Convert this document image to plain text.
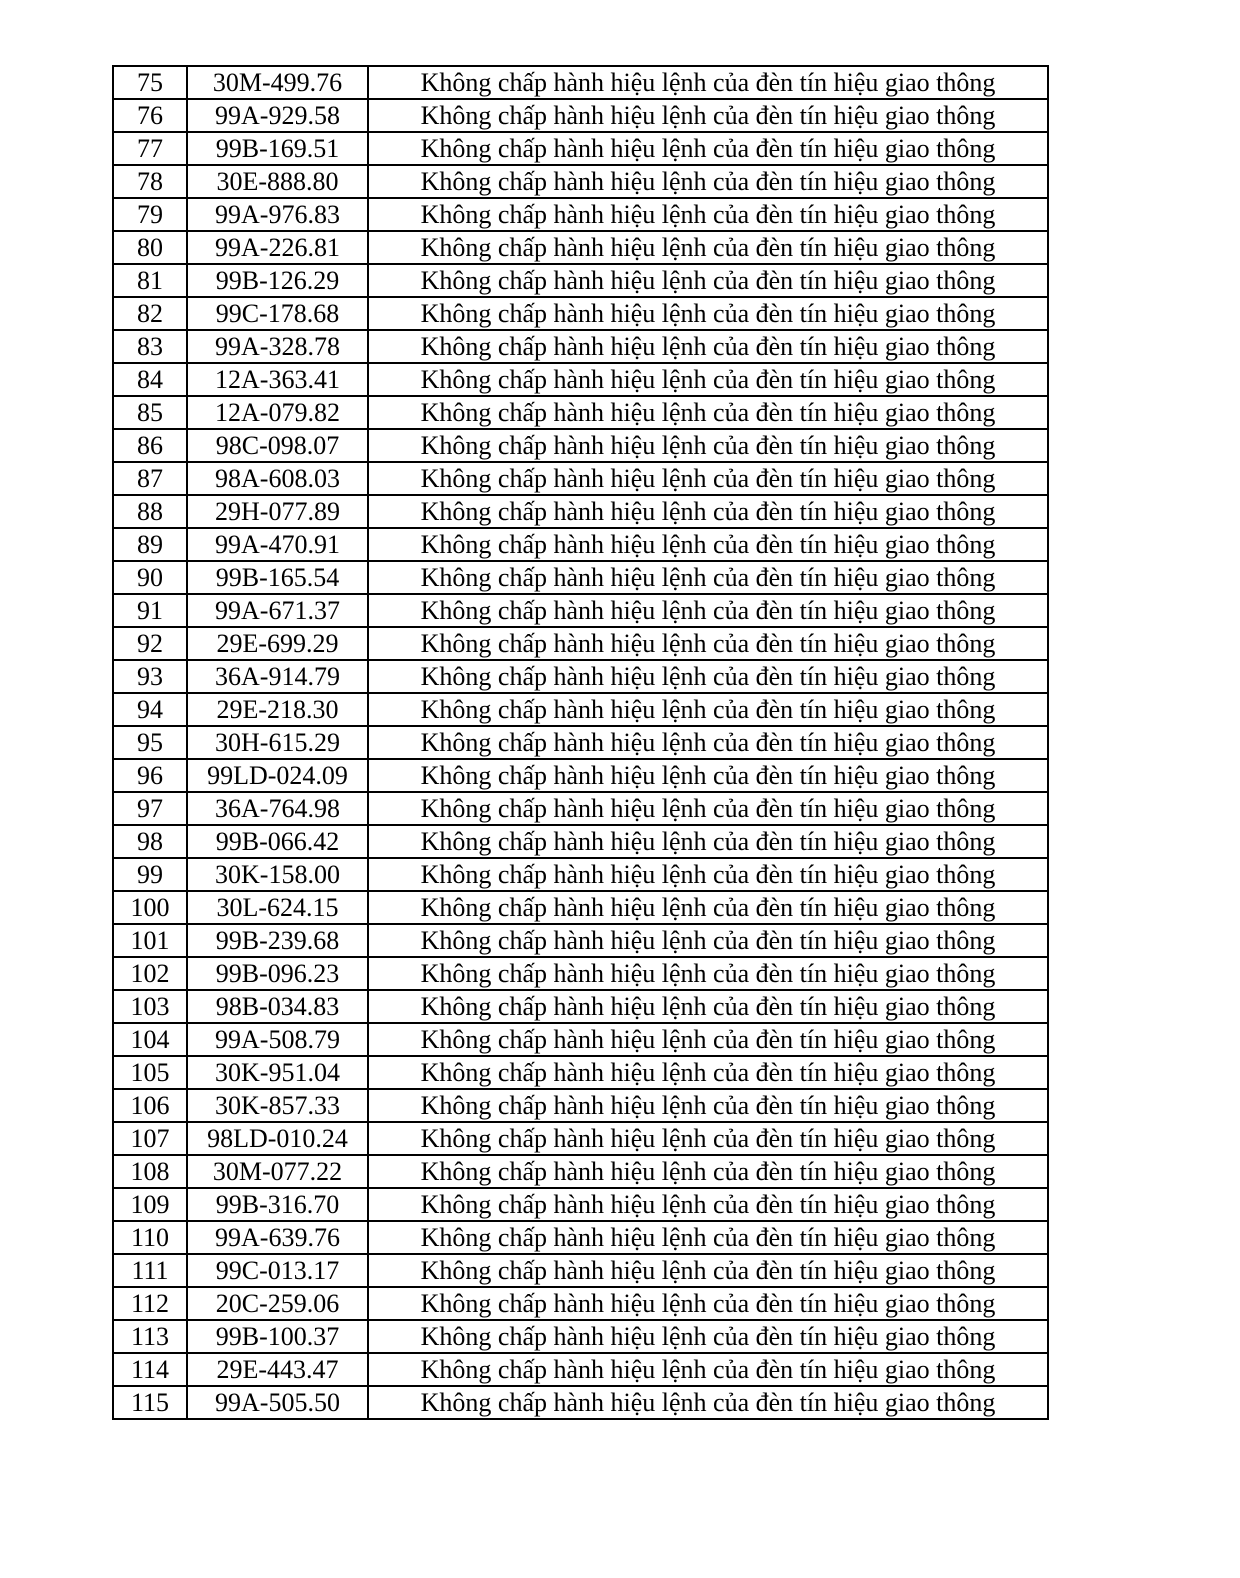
75	30M-499.76	Không chấp hành hiệu lệnh của đèn tín hiệu giao thông
76	99A-929.58	Không chấp hành hiệu lệnh của đèn tín hiệu giao thông
77	99B-169.51	Không chấp hành hiệu lệnh của đèn tín hiệu giao thông
78	30E-888.80	Không chấp hành hiệu lệnh của đèn tín hiệu giao thông
79	99A-976.83	Không chấp hành hiệu lệnh của đèn tín hiệu giao thông
80	99A-226.81	Không chấp hành hiệu lệnh của đèn tín hiệu giao thông
81	99B-126.29	Không chấp hành hiệu lệnh của đèn tín hiệu giao thông
82	99C-178.68	Không chấp hành hiệu lệnh của đèn tín hiệu giao thông
83	99A-328.78	Không chấp hành hiệu lệnh của đèn tín hiệu giao thông
84	12A-363.41	Không chấp hành hiệu lệnh của đèn tín hiệu giao thông
85	12A-079.82	Không chấp hành hiệu lệnh của đèn tín hiệu giao thông
86	98C-098.07	Không chấp hành hiệu lệnh của đèn tín hiệu giao thông
87	98A-608.03	Không chấp hành hiệu lệnh của đèn tín hiệu giao thông
88	29H-077.89	Không chấp hành hiệu lệnh của đèn tín hiệu giao thông
89	99A-470.91	Không chấp hành hiệu lệnh của đèn tín hiệu giao thông
90	99B-165.54	Không chấp hành hiệu lệnh của đèn tín hiệu giao thông
91	99A-671.37	Không chấp hành hiệu lệnh của đèn tín hiệu giao thông
92	29E-699.29	Không chấp hành hiệu lệnh của đèn tín hiệu giao thông
93	36A-914.79	Không chấp hành hiệu lệnh của đèn tín hiệu giao thông
94	29E-218.30	Không chấp hành hiệu lệnh của đèn tín hiệu giao thông
95	30H-615.29	Không chấp hành hiệu lệnh của đèn tín hiệu giao thông
96	99LD-024.09	Không chấp hành hiệu lệnh của đèn tín hiệu giao thông
97	36A-764.98	Không chấp hành hiệu lệnh của đèn tín hiệu giao thông
98	99B-066.42	Không chấp hành hiệu lệnh của đèn tín hiệu giao thông
99	30K-158.00	Không chấp hành hiệu lệnh của đèn tín hiệu giao thông
100	30L-624.15	Không chấp hành hiệu lệnh của đèn tín hiệu giao thông
101	99B-239.68	Không chấp hành hiệu lệnh của đèn tín hiệu giao thông
102	99B-096.23	Không chấp hành hiệu lệnh của đèn tín hiệu giao thông
103	98B-034.83	Không chấp hành hiệu lệnh của đèn tín hiệu giao thông
104	99A-508.79	Không chấp hành hiệu lệnh của đèn tín hiệu giao thông
105	30K-951.04	Không chấp hành hiệu lệnh của đèn tín hiệu giao thông
106	30K-857.33	Không chấp hành hiệu lệnh của đèn tín hiệu giao thông
107	98LD-010.24	Không chấp hành hiệu lệnh của đèn tín hiệu giao thông
108	30M-077.22	Không chấp hành hiệu lệnh của đèn tín hiệu giao thông
109	99B-316.70	Không chấp hành hiệu lệnh của đèn tín hiệu giao thông
110	99A-639.76	Không chấp hành hiệu lệnh của đèn tín hiệu giao thông
111	99C-013.17	Không chấp hành hiệu lệnh của đèn tín hiệu giao thông
112	20C-259.06	Không chấp hành hiệu lệnh của đèn tín hiệu giao thông
113	99B-100.37	Không chấp hành hiệu lệnh của đèn tín hiệu giao thông
114	29E-443.47	Không chấp hành hiệu lệnh của đèn tín hiệu giao thông
115	99A-505.50	Không chấp hành hiệu lệnh của đèn tín hiệu giao thông
